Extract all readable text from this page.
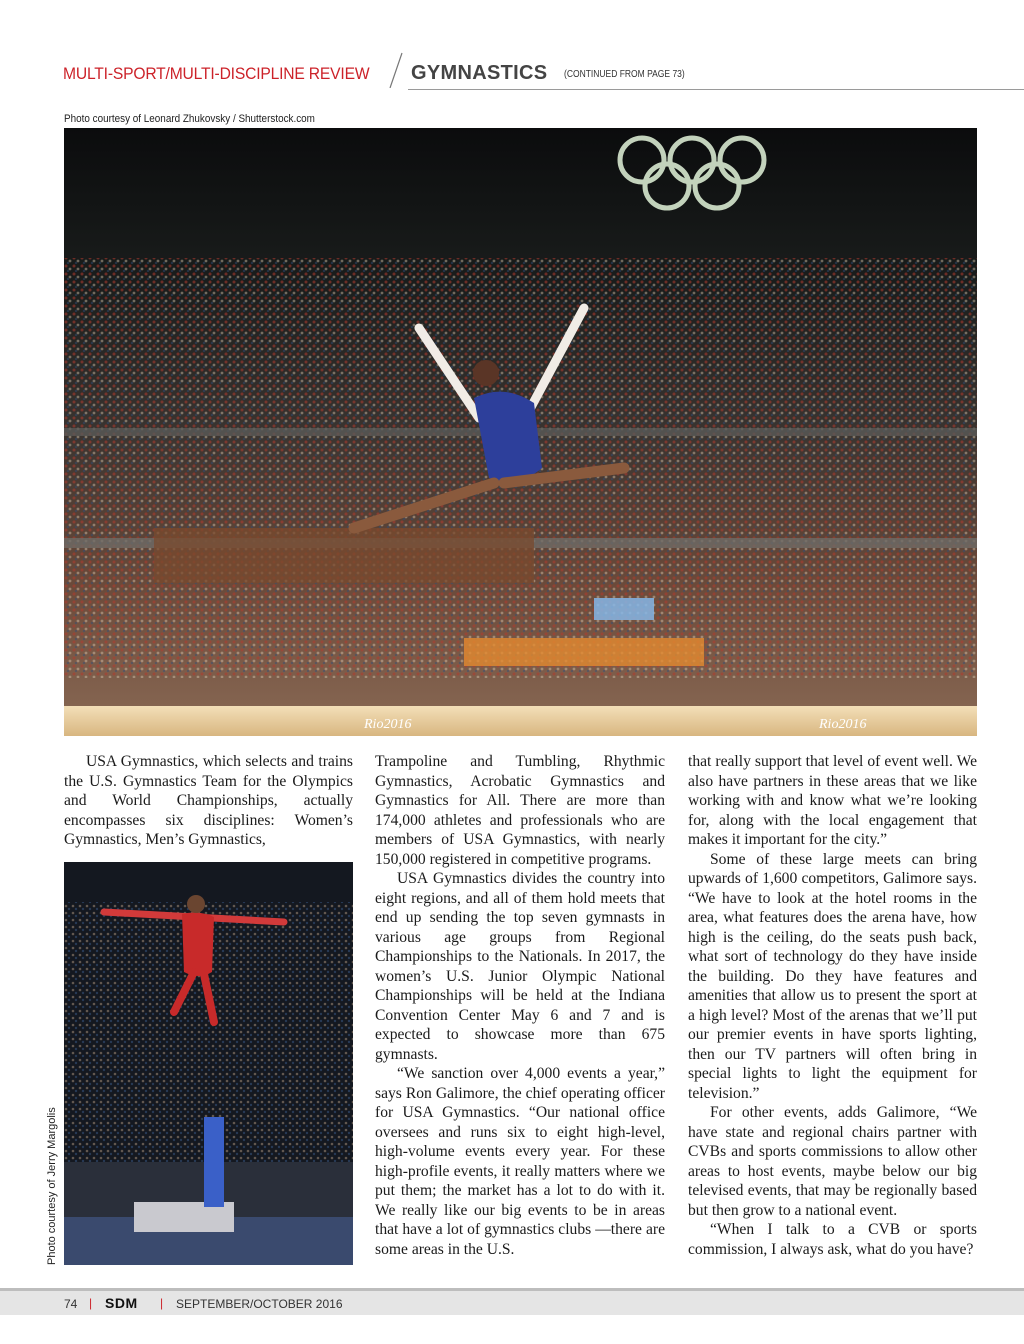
MULTI-SPORT/MULTI-DISCIPLINE REVIEW GYMNASTICS (CONTINUED FROM PAGE 73)
Photo courtesy of Leonard Zhukovsky / Shutterstock.com
Rio2016	Rio2016

USA Gymnastics, which selects and trains the U.S. Gymnastics Team for the Olympics and World Championships, actually encompasses six disciplines: Women’s Gymnastics, Men’s Gymnastics,

Photo courtesy of Jerry Margolis

Trampoline and Tumbling, Rhythmic Gymnastics, Acrobatic Gymnastics and Gymnastics for All. There are more than 174,000 athletes and professionals who are members of USA Gymnastics, with nearly 150,000 registered in competitive programs.

USA Gymnastics divides the country into eight regions, and all of them hold meets that end up sending the top seven gymnasts in various age groups from Regional Championships to the Nationals. In 2017, the women’s U.S. Junior Olympic National Championships will be held at the Indiana Convention Center May 6 and 7 and is expected to showcase more than 675 gymnasts.

“We sanction over 4,000 events a year,” says Ron Galimore, the chief operating officer for USA Gymnastics. “Our national office oversees and runs six to eight high-level, high-volume events every year. For these high-profile events, it really matters where we put them; the market has a lot to do with it. We really like our big events to be in areas that have a lot of gymnastics clubs —there are some areas in the U.S.

that really support that level of event well. We also have partners in these areas that we like working with and know what we’re looking for, along with the local engagement that makes it important for the city.”

Some of these large meets can bring upwards of 1,600 competitors, Galimore says. “We have to look at the hotel rooms in the area, what features does the arena have, how high is the ceiling, do the seats push back, what sort of technology do they have inside the building. Do they have features and amenities that allow us to present the sport at a high level? Most of the arenas that we’ll put our premier events in have sports lighting, then our TV partners will often bring in special lights to light the equipment for television.”

For other events, adds Galimore, “We have state and regional chairs partner with CVBs and sports commissions to allow other areas to host events, maybe below our big televised events, that may be regionally based but then grow to a national event.

“When I talk to a CVB or sports commission, I always ask, what do you have?

74 | SDM | SEPTEMBER/OCTOBER 2016
